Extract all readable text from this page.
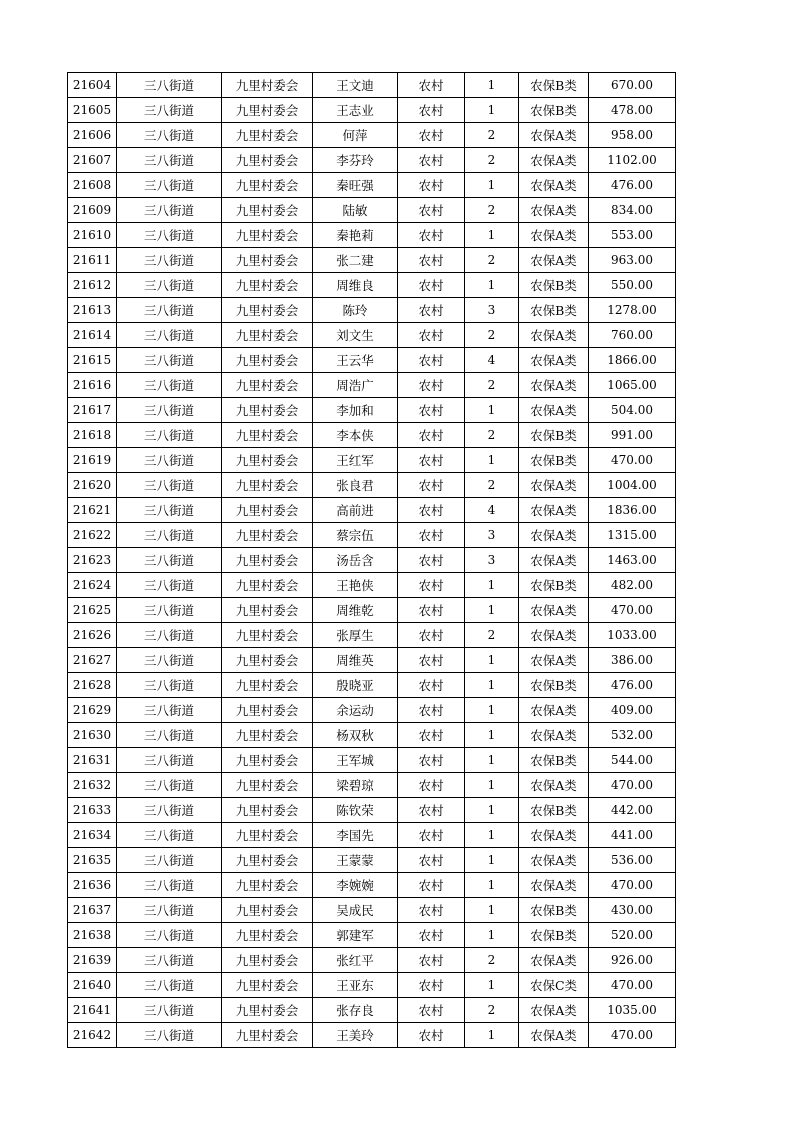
21604	三八街道	九里村委会	王文迪	农村	1	农保B类	670.00
21605	三八街道	九里村委会	王志业	农村	1	农保B类	478.00
21606	三八街道	九里村委会	何萍	农村	2	农保A类	958.00
21607	三八街道	九里村委会	李芬玲	农村	2	农保A类	1102.00
21608	三八街道	九里村委会	秦旺强	农村	1	农保A类	476.00
21609	三八街道	九里村委会	陆敏	农村	2	农保A类	834.00
21610	三八街道	九里村委会	秦艳莉	农村	1	农保A类	553.00
21611	三八街道	九里村委会	张二建	农村	2	农保A类	963.00
21612	三八街道	九里村委会	周维良	农村	1	农保B类	550.00
21613	三八街道	九里村委会	陈玲	农村	3	农保B类	1278.00
21614	三八街道	九里村委会	刘文生	农村	2	农保A类	760.00
21615	三八街道	九里村委会	王云华	农村	4	农保A类	1866.00
21616	三八街道	九里村委会	周浩广	农村	2	农保A类	1065.00
21617	三八街道	九里村委会	李加和	农村	1	农保A类	504.00
21618	三八街道	九里村委会	李本侠	农村	2	农保B类	991.00
21619	三八街道	九里村委会	王红军	农村	1	农保B类	470.00
21620	三八街道	九里村委会	张良君	农村	2	农保A类	1004.00
21621	三八街道	九里村委会	高前进	农村	4	农保A类	1836.00
21622	三八街道	九里村委会	蔡宗伍	农村	3	农保A类	1315.00
21623	三八街道	九里村委会	汤岳含	农村	3	农保A类	1463.00
21624	三八街道	九里村委会	王艳侠	农村	1	农保B类	482.00
21625	三八街道	九里村委会	周维乾	农村	1	农保A类	470.00
21626	三八街道	九里村委会	张厚生	农村	2	农保A类	1033.00
21627	三八街道	九里村委会	周维英	农村	1	农保A类	386.00
21628	三八街道	九里村委会	殷晓亚	农村	1	农保B类	476.00
21629	三八街道	九里村委会	余运动	农村	1	农保A类	409.00
21630	三八街道	九里村委会	杨双秋	农村	1	农保A类	532.00
21631	三八街道	九里村委会	王军城	农村	1	农保B类	544.00
21632	三八街道	九里村委会	梁碧琼	农村	1	农保A类	470.00
21633	三八街道	九里村委会	陈钦荣	农村	1	农保B类	442.00
21634	三八街道	九里村委会	李国先	农村	1	农保A类	441.00
21635	三八街道	九里村委会	王蒙蒙	农村	1	农保A类	536.00
21636	三八街道	九里村委会	李婉婉	农村	1	农保A类	470.00
21637	三八街道	九里村委会	吴成民	农村	1	农保B类	430.00
21638	三八街道	九里村委会	郭建军	农村	1	农保B类	520.00
21639	三八街道	九里村委会	张红平	农村	2	农保A类	926.00
21640	三八街道	九里村委会	王亚东	农村	1	农保C类	470.00
21641	三八街道	九里村委会	张存良	农村	2	农保A类	1035.00
21642	三八街道	九里村委会	王美玲	农村	1	农保A类	470.00
